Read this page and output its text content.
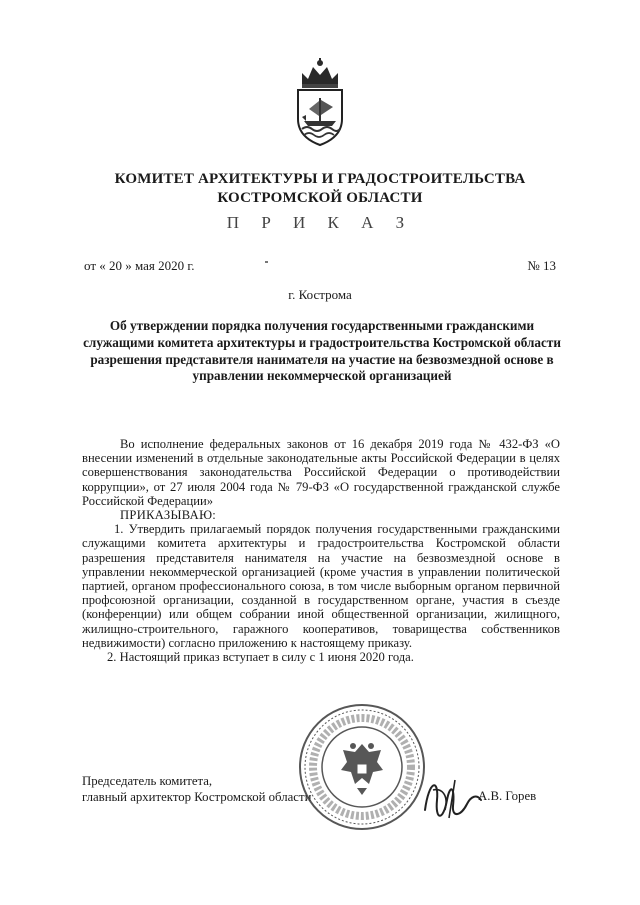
КОМИТЕТ АРХИТЕКТУРЫ И ГРАДОСТРОИТЕЛЬСТВА
КОСТРОМСКОЙ ОБЛАСТИ
П Р И К А З
от « 20 » мая 2020 г.	№ 13
г. Кострома
Об утверждении порядка получения государственными гражданскими служащими комитета архитектуры и градостроительства Костромской области разрешения представителя нанимателя на участие на безвозмездной основе в управлении некоммерческой организацией

Во исполнение федеральных законов от 16 декабря 2019 года № 432-ФЗ «О внесении изменений в отдельные законодательные акты Российской Федерации в целях совершенствования законодательства Российской Федерации о противодействии коррупции», от 27 июля 2004 года № 79-ФЗ «О государственной гражданской службе Российской Федерации»

ПРИКАЗЫВАЮ:

1. Утвердить прилагаемый порядок получения государственными гражданскими служащими комитета архитектуры и градостроительства Костромской области разрешения представителя нанимателя на участие на безвозмездной основе в управлении некоммерческой организацией (кроме участия в управлении политической партией, органом профессионального союза, в том числе выборным органом первичной профсоюзной организации, созданной в государственном органе, участия в съезде (конференции) или общем собрании иной общественной организации, жилищного, жилищно-строительного, гаражного кооперативов, товарищества собственников недвижимости) согласно приложению к настоящему приказу.

2. Настоящий приказ вступает в силу с 1 июня 2020 года.

Председатель комитета,
главный архитектор Костромской области	А.В. Горев
